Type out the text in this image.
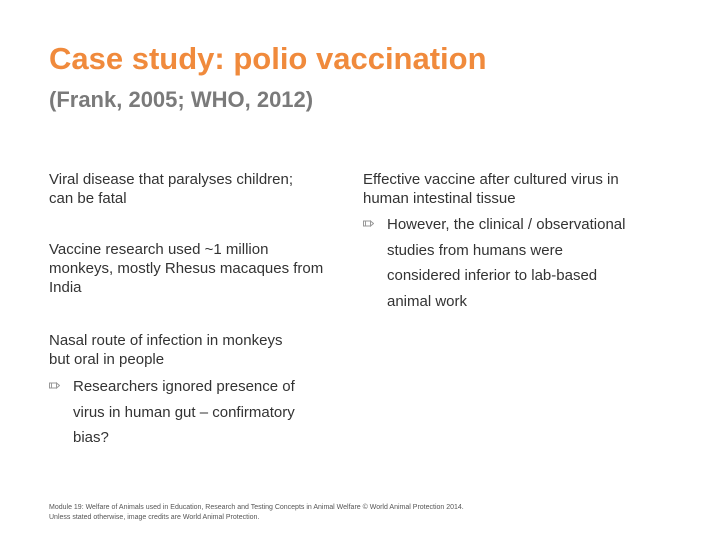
Case study: polio vaccination
(Frank, 2005; WHO, 2012)
Viral disease that paralyses children;
can be fatal
Vaccine research used ~1 million
monkeys, mostly Rhesus macaques from
India
Nasal route of infection in monkeys
but oral in people
Researchers ignored presence of
virus in human gut – confirmatory
bias?
Effective vaccine after cultured virus in
human intestinal tissue
However, the clinical / observational
studies from humans were
considered inferior to lab-based
animal work
Module 19: Welfare of Animals used in Education, Research and Testing Concepts in Animal Welfare © World Animal Protection 2014.
Unless stated otherwise, image credits are World Animal Protection.
